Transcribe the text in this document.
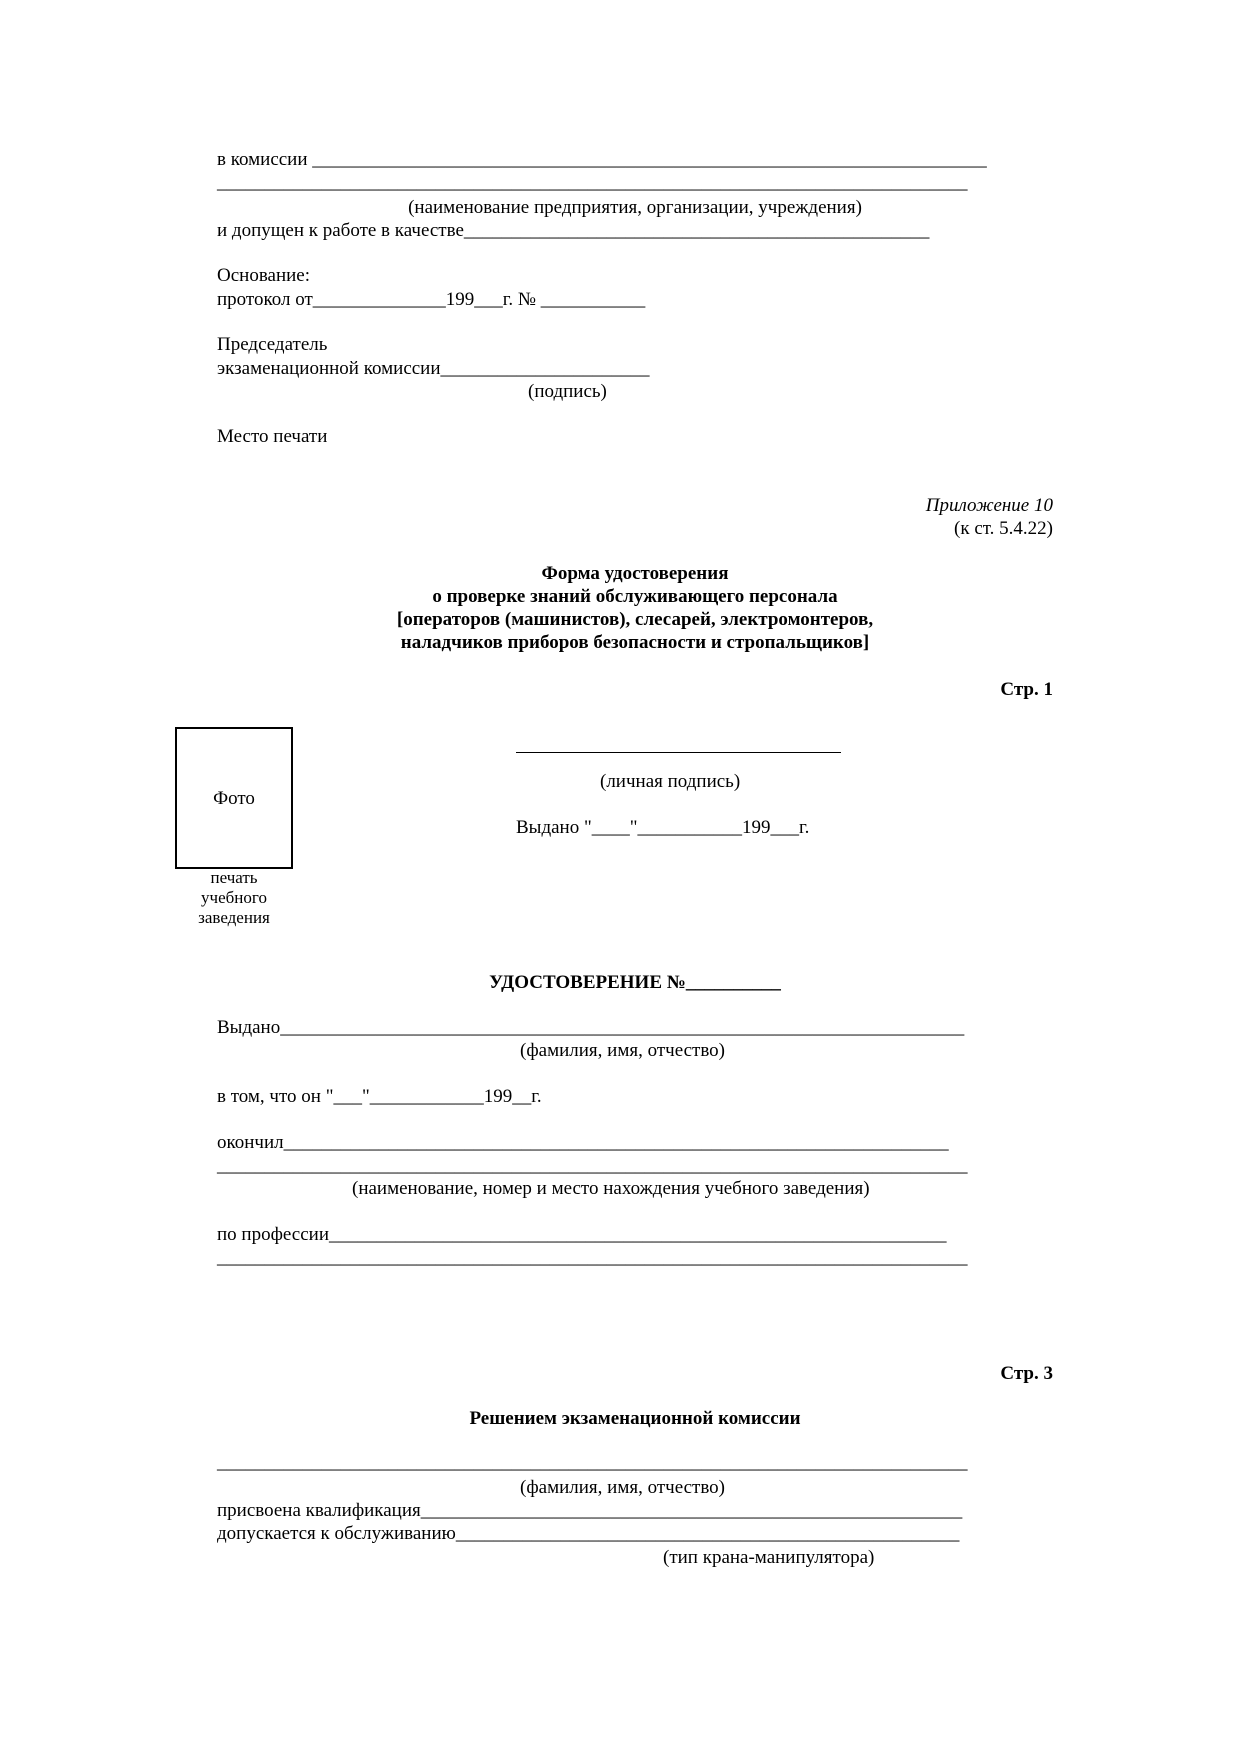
в комиссии _______________________________________________________________________
_______________________________________________________________________________
(наименование предприятия, организации, учреждения)
и допущен к работе в качестве_________________________________________________
Основание:
протокол от______________199___г. № ___________
Председатель
экзаменационной комиссии______________________
(подпись)
Место печати
Приложение 10
(к ст. 5.4.22)
Форма удостоверения
о проверке знаний обслуживающего персонала
[операторов (машинистов), слесарей, электромонтеров,
наладчиков приборов безопасности и стропальщиков]
Стр. 1
Фото
печать
учебного
заведения
(личная подпись)
Выдано "____"___________199___г.
УДОСТОВЕРЕНИЕ №__________
Выдано________________________________________________________________________
(фамилия, имя, отчество)
в том, что он "___"____________199__г.
окончил______________________________________________________________________
_______________________________________________________________________________
(наименование, номер и место нахождения учебного заведения)
по профессии_________________________________________________________________
_______________________________________________________________________________
Стр. 3
Решением экзаменационной комиссии
_______________________________________________________________________________
(фамилия, имя, отчество)
присвоена квалификация_________________________________________________________
допускается к обслуживанию_____________________________________________________
(тип крана-манипулятора)
